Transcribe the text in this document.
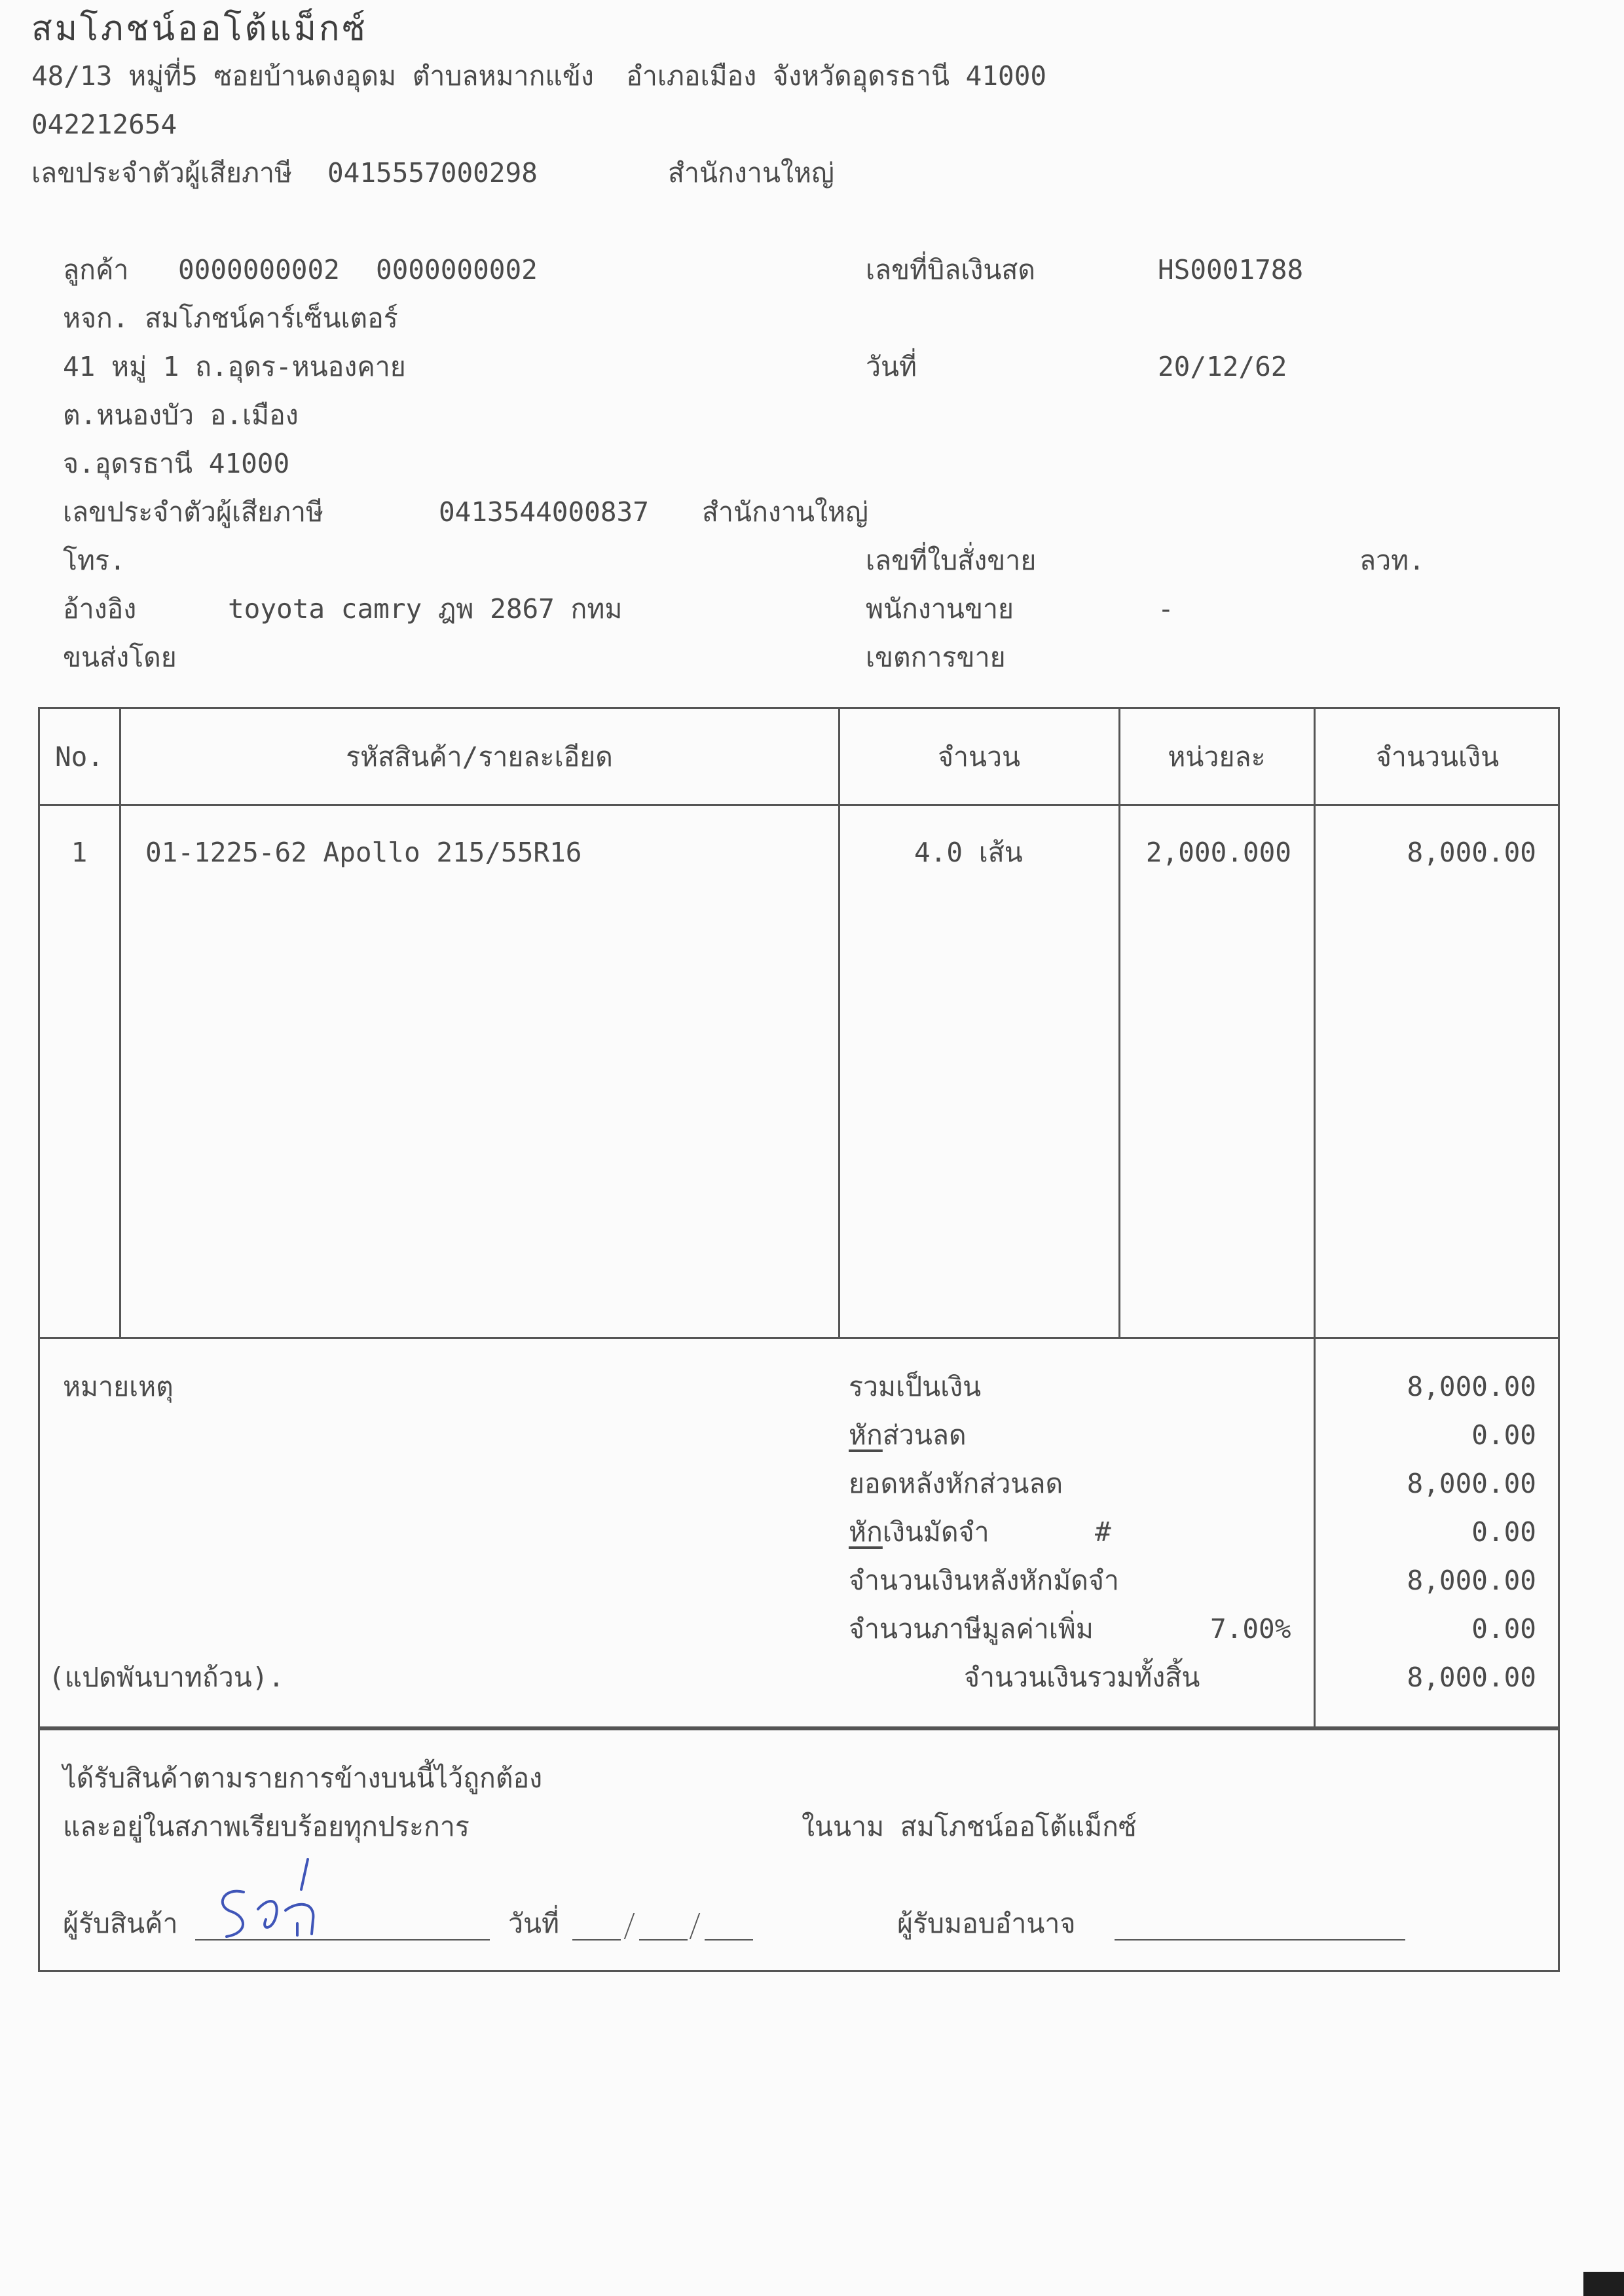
สมโภชน์ออโต้แม็กซ์
48/13 หมู่ที่5 ซอยบ้านดงอุดม ตำบลหมากแข้ง  อำเภอเมือง จังหวัดอุดรธานี 41000
042212654
เลขประจำตัวผู้เสียภาษี 0415557000298	สำนักงานใหญ่
ลูกค้า 0000000002 0000000002
หจก. สมโภชน์คาร์เซ็นเตอร์
41 หมู่ 1 ถ.อุดร-หนองคาย
ต.หนองบัว อ.เมือง
จ.อุดรธานี 41000
เลขประจำตัวผู้เสียภาษี	0413544000837 สำนักงานใหญ่
โทร.
อ้างอิง	toyota camry ฎพ 2867 กทม
ขนส่งโดย
เลขที่บิลเงินสด	HS0001788
วันที่	20/12/62
เลขที่ใบสั่งขาย	ลวท.
พนักงานขาย	-
เขตการขาย
No.	รหัสสินค้า/รายละเอียด	จำนวน	หน่วยละ	จำนวนเงิน
1	01-1225-62 Apollo 215/55R16	4.0 เส้น	2,000.000	8,000.00
หมายเหตุ	รวมเป็นเงิน	8,000.00
หักส่วนลด	0.00
ยอดหลังหักส่วนลด	8,000.00
หักเงินมัดจำ	#	0.00
จำนวนเงินหลังหักมัดจำ	8,000.00
จำนวนภาษีมูลค่าเพิ่ม	7.00%	0.00
(แปดพันบาทถ้วน).	จำนวนเงินรวมทั้งสิ้น	8,000.00
ได้รับสินค้าตามรายการข้างบนนี้ไว้ถูกต้อง
และอยู่ในสภาพเรียบร้อยทุกประการ	ในนาม สมโภชน์ออโต้แม็กซ์
ผู้รับสินค้า	วันที่	ผู้รับมอบอำนาจ
